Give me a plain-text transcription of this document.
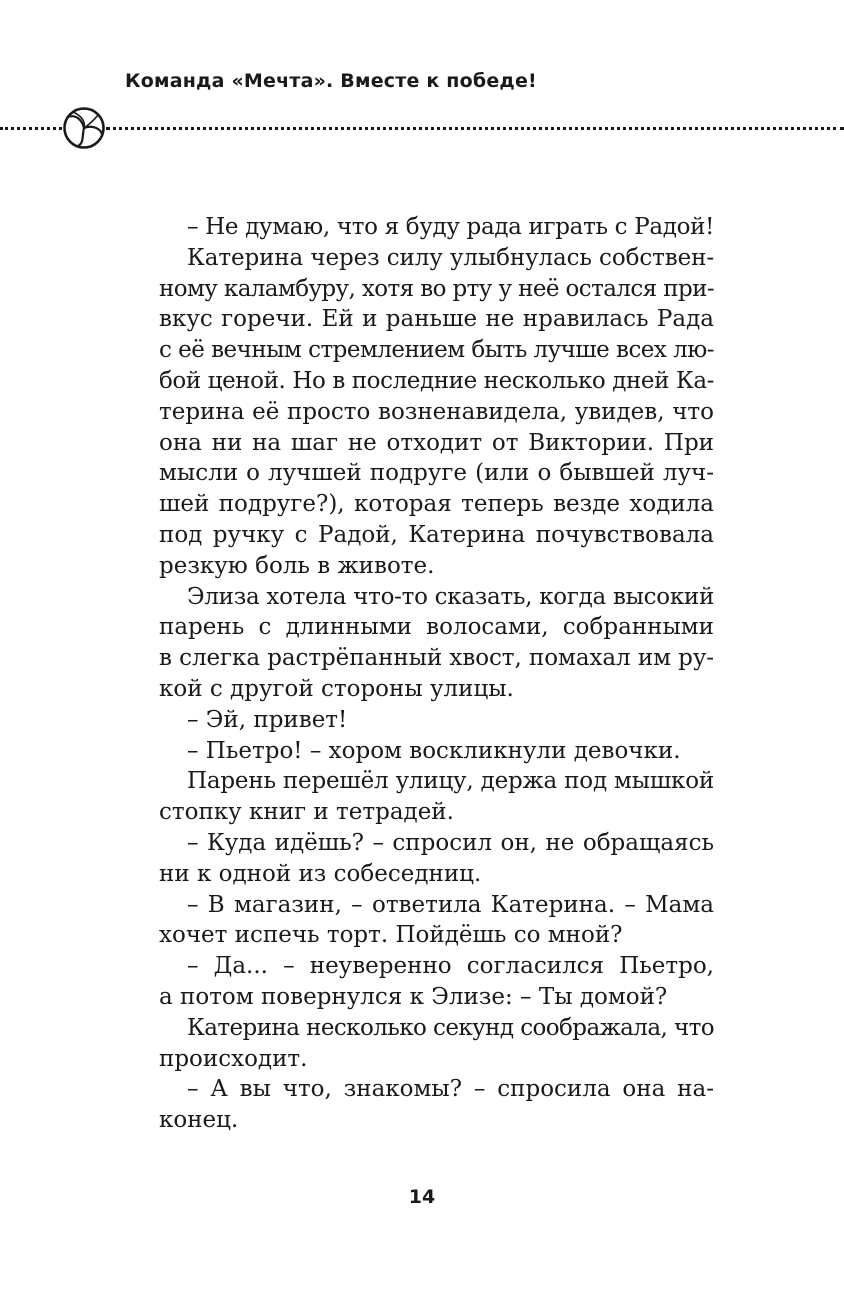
Команда «Мечта». Вместе к победе!
– Не думаю, что я буду рада играть с Радой!
Катерина через силу улыбнулась собствен-
ному каламбуру, хотя во рту у неё остался при-
вкус горечи. Ей и раньше не нравилась Рада
с её вечным стремлением быть лучше всех лю-
бой ценой. Но в последние несколько дней Ка-
терина её просто возненавидела, увидев, что
она ни на шаг не отходит от Виктории. При
мысли о лучшей подруге (или о бывшей луч-
шей подруге?), которая теперь везде ходила
под ручку с Радой, Катерина почувствовала
резкую боль в животе.
Элиза хотела что-то сказать, когда высокий
парень с длинными волосами, собранными
в слегка растрёпанный хвост, помахал им ру-
кой с другой стороны улицы.
– Эй, привет!
– Пьетро! – хором воскликнули девочки.
Парень перешёл улицу, держа под мышкой
стопку книг и тетрадей.
– Куда идёшь? – спросил он, не обращаясь
ни к одной из собеседниц.
– В магазин, – ответила Катерина. – Мама
хочет испечь торт. Пойдёшь со мной?
– Да... – неуверенно согласился Пьетро,
а потом повернулся к Элизе: – Ты домой?
Катерина несколько секунд соображала, что
происходит.
– А вы что, знакомы? – спросила она на-
конец.
14
